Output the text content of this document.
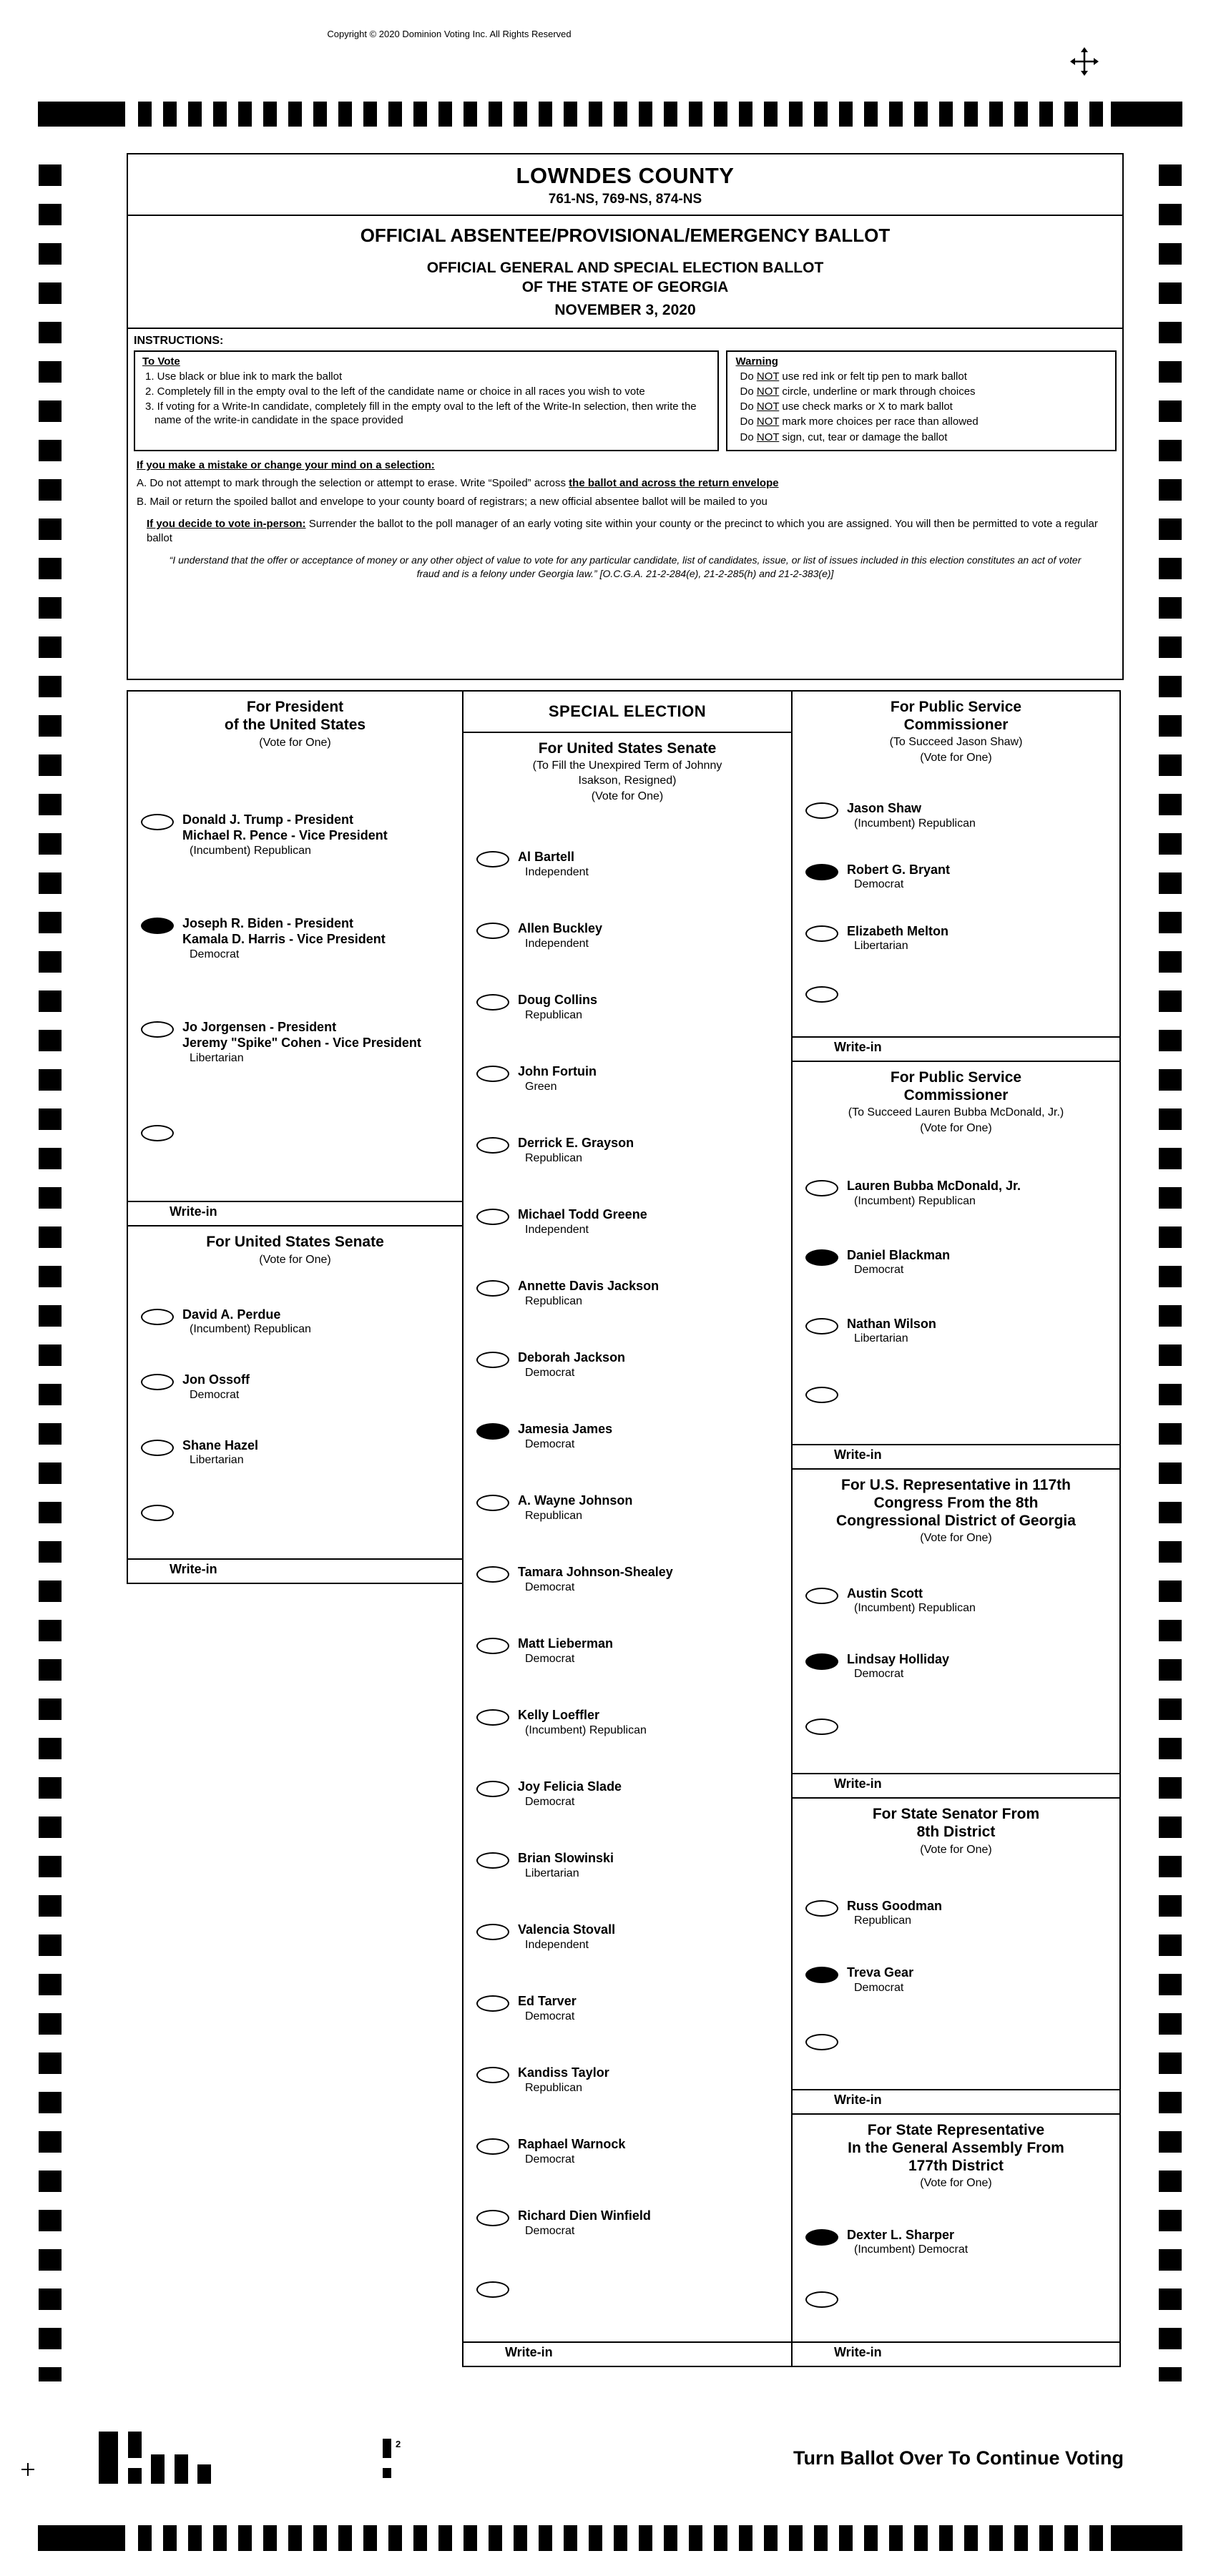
Copyright © 2020 Dominion Voting Inc. All Rights Reserved
LOWNDES COUNTY
761-NS, 769-NS, 874-NS
OFFICIAL ABSENTEE/PROVISIONAL/EMERGENCY BALLOT
OFFICIAL GENERAL AND SPECIAL ELECTION BALLOT
OF THE STATE OF GEORGIA
NOVEMBER 3, 2020
INSTRUCTIONS:
To Vote
1. Use black or blue ink to mark the ballot
2. Completely fill in the empty oval to the left of the candidate name or choice in all races you wish to vote
3. If voting for a Write-In candidate, completely fill in the empty oval to the left of the Write-In selection, then write the name of the write-in candidate in the space provided
Warning
Do NOT use red ink or felt tip pen to mark ballot
Do NOT circle, underline or mark through choices
Do NOT use check marks or X to mark ballot
Do NOT mark more choices per race than allowed
Do NOT sign, cut, tear or damage the ballot
If you make a mistake or change your mind on a selection:
A. Do not attempt to mark through the selection or attempt to erase. Write “Spoiled” across the ballot and across the return envelope
B. Mail or return the spoiled ballot and envelope to your county board of registrars; a new official absentee ballot will be mailed to you
If you decide to vote in-person: Surrender the ballot to the poll manager of an early voting site within your county or the precinct to which you are assigned. You will then be permitted to vote a regular ballot
“I understand that the offer or acceptance of money or any other object of value to vote for any particular candidate, list of candidates, issue, or list of issues included in this election constitutes an act of voter fraud and is a felony under Georgia law.” [O.C.G.A. 21-2-284(e), 21-2-285(h) and 21-2-383(e)]
For President
of the United States
(Vote for One)
Donald J. Trump - President
Michael R. Pence - Vice President
(Incumbent) Republican
Joseph R. Biden - President
Kamala D. Harris - Vice President
Democrat
Jo Jorgensen - President
Jeremy "Spike" Cohen - Vice President
Libertarian
Write-in
For United States Senate
(Vote for One)
David A. Perdue
(Incumbent) Republican
Jon Ossoff
Democrat
Shane Hazel
Libertarian
Write-in
SPECIAL ELECTION
For United States Senate
(To Fill the Unexpired Term of Johnny
Isakson, Resigned)
(Vote for One)
Al Bartell
Independent
Allen Buckley
Independent
Doug Collins
Republican
John Fortuin
Green
Derrick E. Grayson
Republican
Michael Todd Greene
Independent
Annette Davis Jackson
Republican
Deborah Jackson
Democrat
Jamesia James
Democrat
A. Wayne Johnson
Republican
Tamara Johnson-Shealey
Democrat
Matt Lieberman
Democrat
Kelly Loeffler
(Incumbent) Republican
Joy Felicia Slade
Democrat
Brian Slowinski
Libertarian
Valencia Stovall
Independent
Ed Tarver
Democrat
Kandiss Taylor
Republican
Raphael Warnock
Democrat
Richard Dien Winfield
Democrat
Write-in
For Public Service
Commissioner
(To Succeed Jason Shaw)
(Vote for One)
Jason Shaw
(Incumbent) Republican
Robert G. Bryant
Democrat
Elizabeth Melton
Libertarian
Write-in
For Public Service
Commissioner
(To Succeed Lauren Bubba McDonald, Jr.)
(Vote for One)
Lauren Bubba McDonald, Jr.
(Incumbent) Republican
Daniel Blackman
Democrat
Nathan Wilson
Libertarian
Write-in
For U.S. Representative in 117th
Congress From the 8th
Congressional District of Georgia
(Vote for One)
Austin Scott
(Incumbent) Republican
Lindsay Holliday
Democrat
Write-in
For State Senator From
8th District
(Vote for One)
Russ Goodman
Republican
Treva Gear
Democrat
Write-in
For State Representative
In the General Assembly From
177th District
(Vote for One)
Dexter L. Sharper
(Incumbent) Democrat
Write-in
Turn Ballot Over To Continue Voting
2
